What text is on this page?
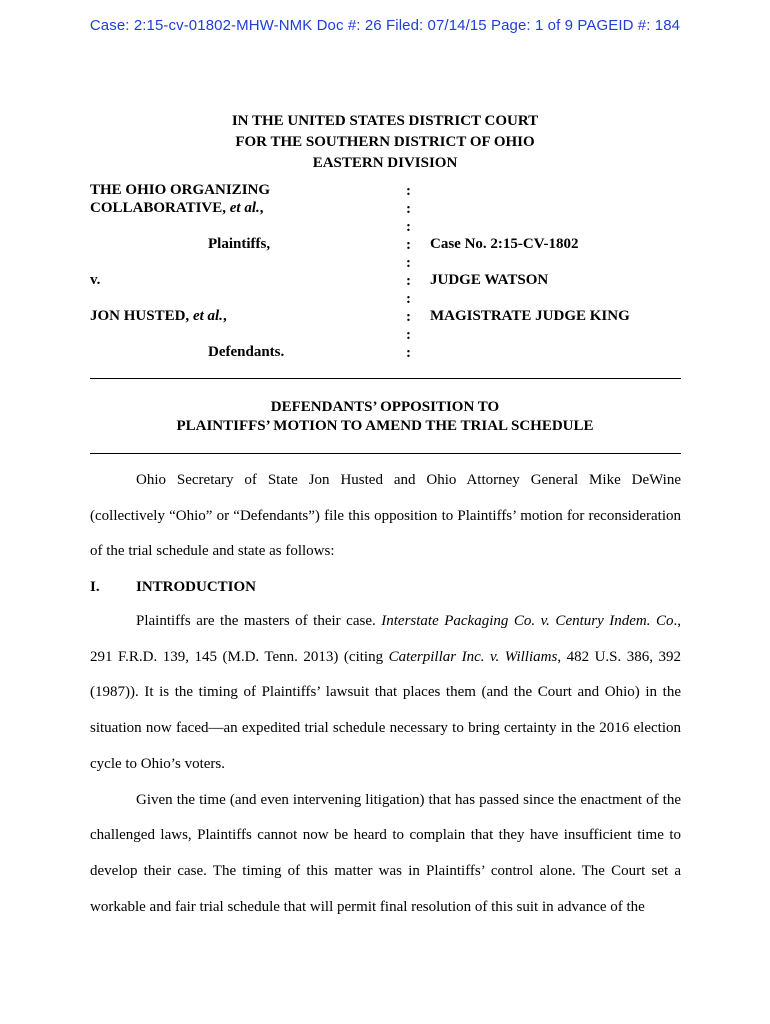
Case: 2:15-cv-01802-MHW-NMK Doc #: 26 Filed: 07/14/15 Page: 1 of 9 PAGEID #: 184
IN THE UNITED STATES DISTRICT COURT
FOR THE SOUTHERN DISTRICT OF OHIO
EASTERN DIVISION
THE OHIO ORGANIZING
COLLABORATIVE, et al.,
Plaintiffs,
v.
JON HUSTED, et al.,
Defendants.
:
:
:
:
:
:
:
:
:
:
Case No. 2:15-CV-1802
JUDGE WATSON
MAGISTRATE JUDGE KING
DEFENDANTS’ OPPOSITION TO
PLAINTIFFS’ MOTION TO AMEND THE TRIAL SCHEDULE

Ohio Secretary of State Jon Husted and Ohio Attorney General Mike DeWine (collectively “Ohio” or “Defendants”) file this opposition to Plaintiffs’ motion for reconsideration of the trial schedule and state as follows:

I. INTRODUCTION

Plaintiffs are the masters of their case. Interstate Packaging Co. v. Century Indem. Co., 291 F.R.D. 139, 145 (M.D. Tenn. 2013) (citing Caterpillar Inc. v. Williams, 482 U.S. 386, 392 (1987)). It is the timing of Plaintiffs’ lawsuit that places them (and the Court and Ohio) in the situation now faced—an expedited trial schedule necessary to bring certainty in the 2016 election cycle to Ohio’s voters.

Given the time (and even intervening litigation) that has passed since the enactment of the challenged laws, Plaintiffs cannot now be heard to complain that they have insufficient time to develop their case. The timing of this matter was in Plaintiffs’ control alone. The Court set a workable and fair trial schedule that will permit final resolution of this suit in advance of the
